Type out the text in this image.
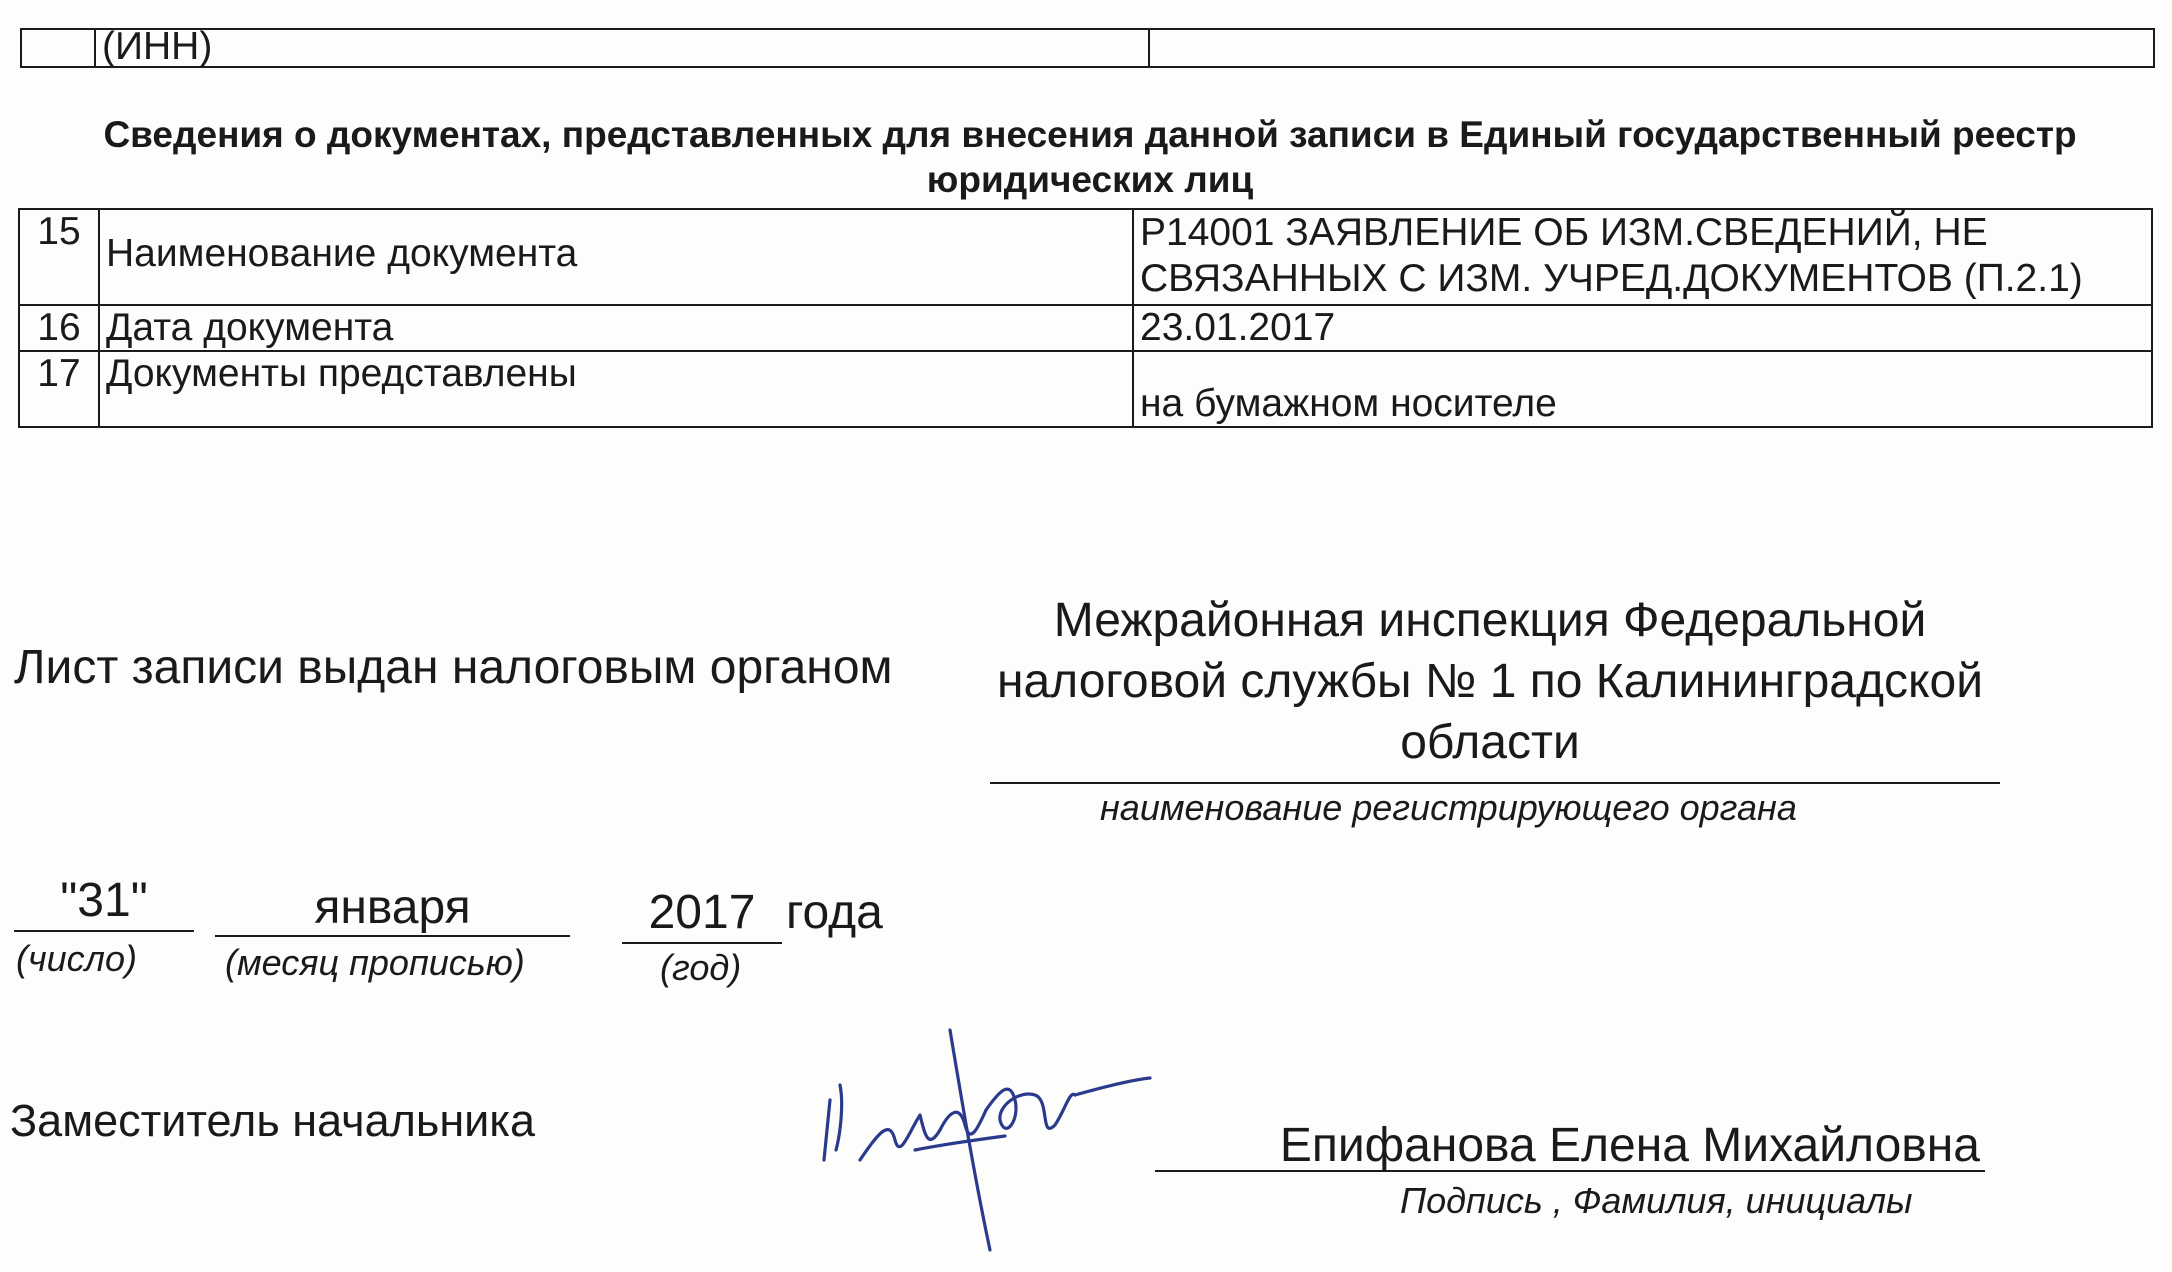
	(ИНН)	
Сведения о документах, представленных для внесения данной записи в Единый государственный реестр юридических лиц
15	Наименование документа	Р14001 ЗАЯВЛЕНИЕ ОБ ИЗМ.СВЕДЕНИЙ, НЕ СВЯЗАННЫХ С ИЗМ. УЧРЕД.ДОКУМЕНТОВ (П.2.1)
16	Дата документа	23.01.2017
17	Документы представлены	на бумажном носителе
Лист записи выдан налоговым органом
Межрайонная инспекция Федеральной налоговой службы № 1 по Калининградской области
наименование регистрирующего органа
"31"
(число)
января
(месяц прописью)
2017
(год)
года
Заместитель начальника	Епифанова Елена Михайловна
Подпись , Фамилия, инициалы
